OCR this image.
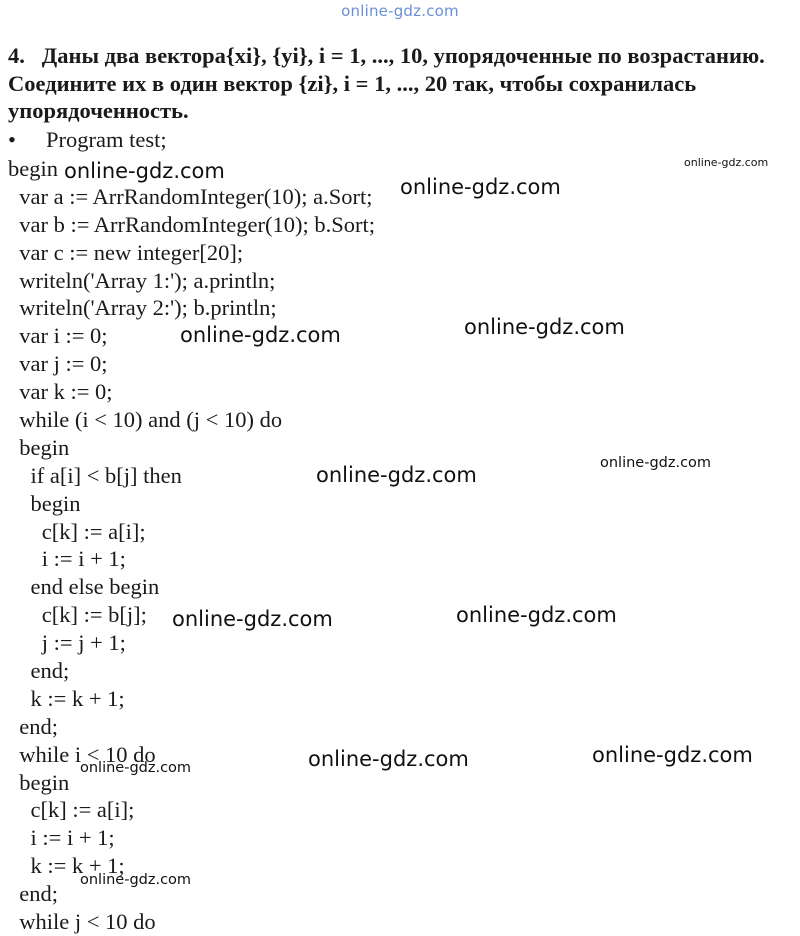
online-gdz.com
4.   Даны два вектора{xi}, {yi}, i = 1, ..., 10, упорядоченные по возрастанию. Соедините их в один вектор {zi}, i = 1, ..., 20 так, чтобы сохранилась упорядоченность.
• Program test;
begin
var a := ArrRandomInteger(10); a.Sort;
var b := ArrRandomInteger(10); b.Sort;
var c := new integer[20];
writeln('Array 1:'); a.println;
writeln('Array 2:'); b.println;
var i := 0;
var j := 0;
var k := 0;
while (i < 10) and (j < 10) do
begin
if a[i] < b[j] then
begin
c[k] := a[i];
i := i + 1;
end else begin
c[k] := b[j];
j := j + 1;
end;
k := k + 1;
end;
while i < 10 do
begin
c[k] := a[i];
i := i + 1;
k := k + 1;
end;
while j < 10 do
online-gdz.com	online-gdz.com
online-gdz.com
online-gdz.com	online-gdz.com
online-gdz.com	online-gdz.com
online-gdz.com	online-gdz.com
online-gdz.com	online-gdz.com
online-gdz.com
online-gdz.com
